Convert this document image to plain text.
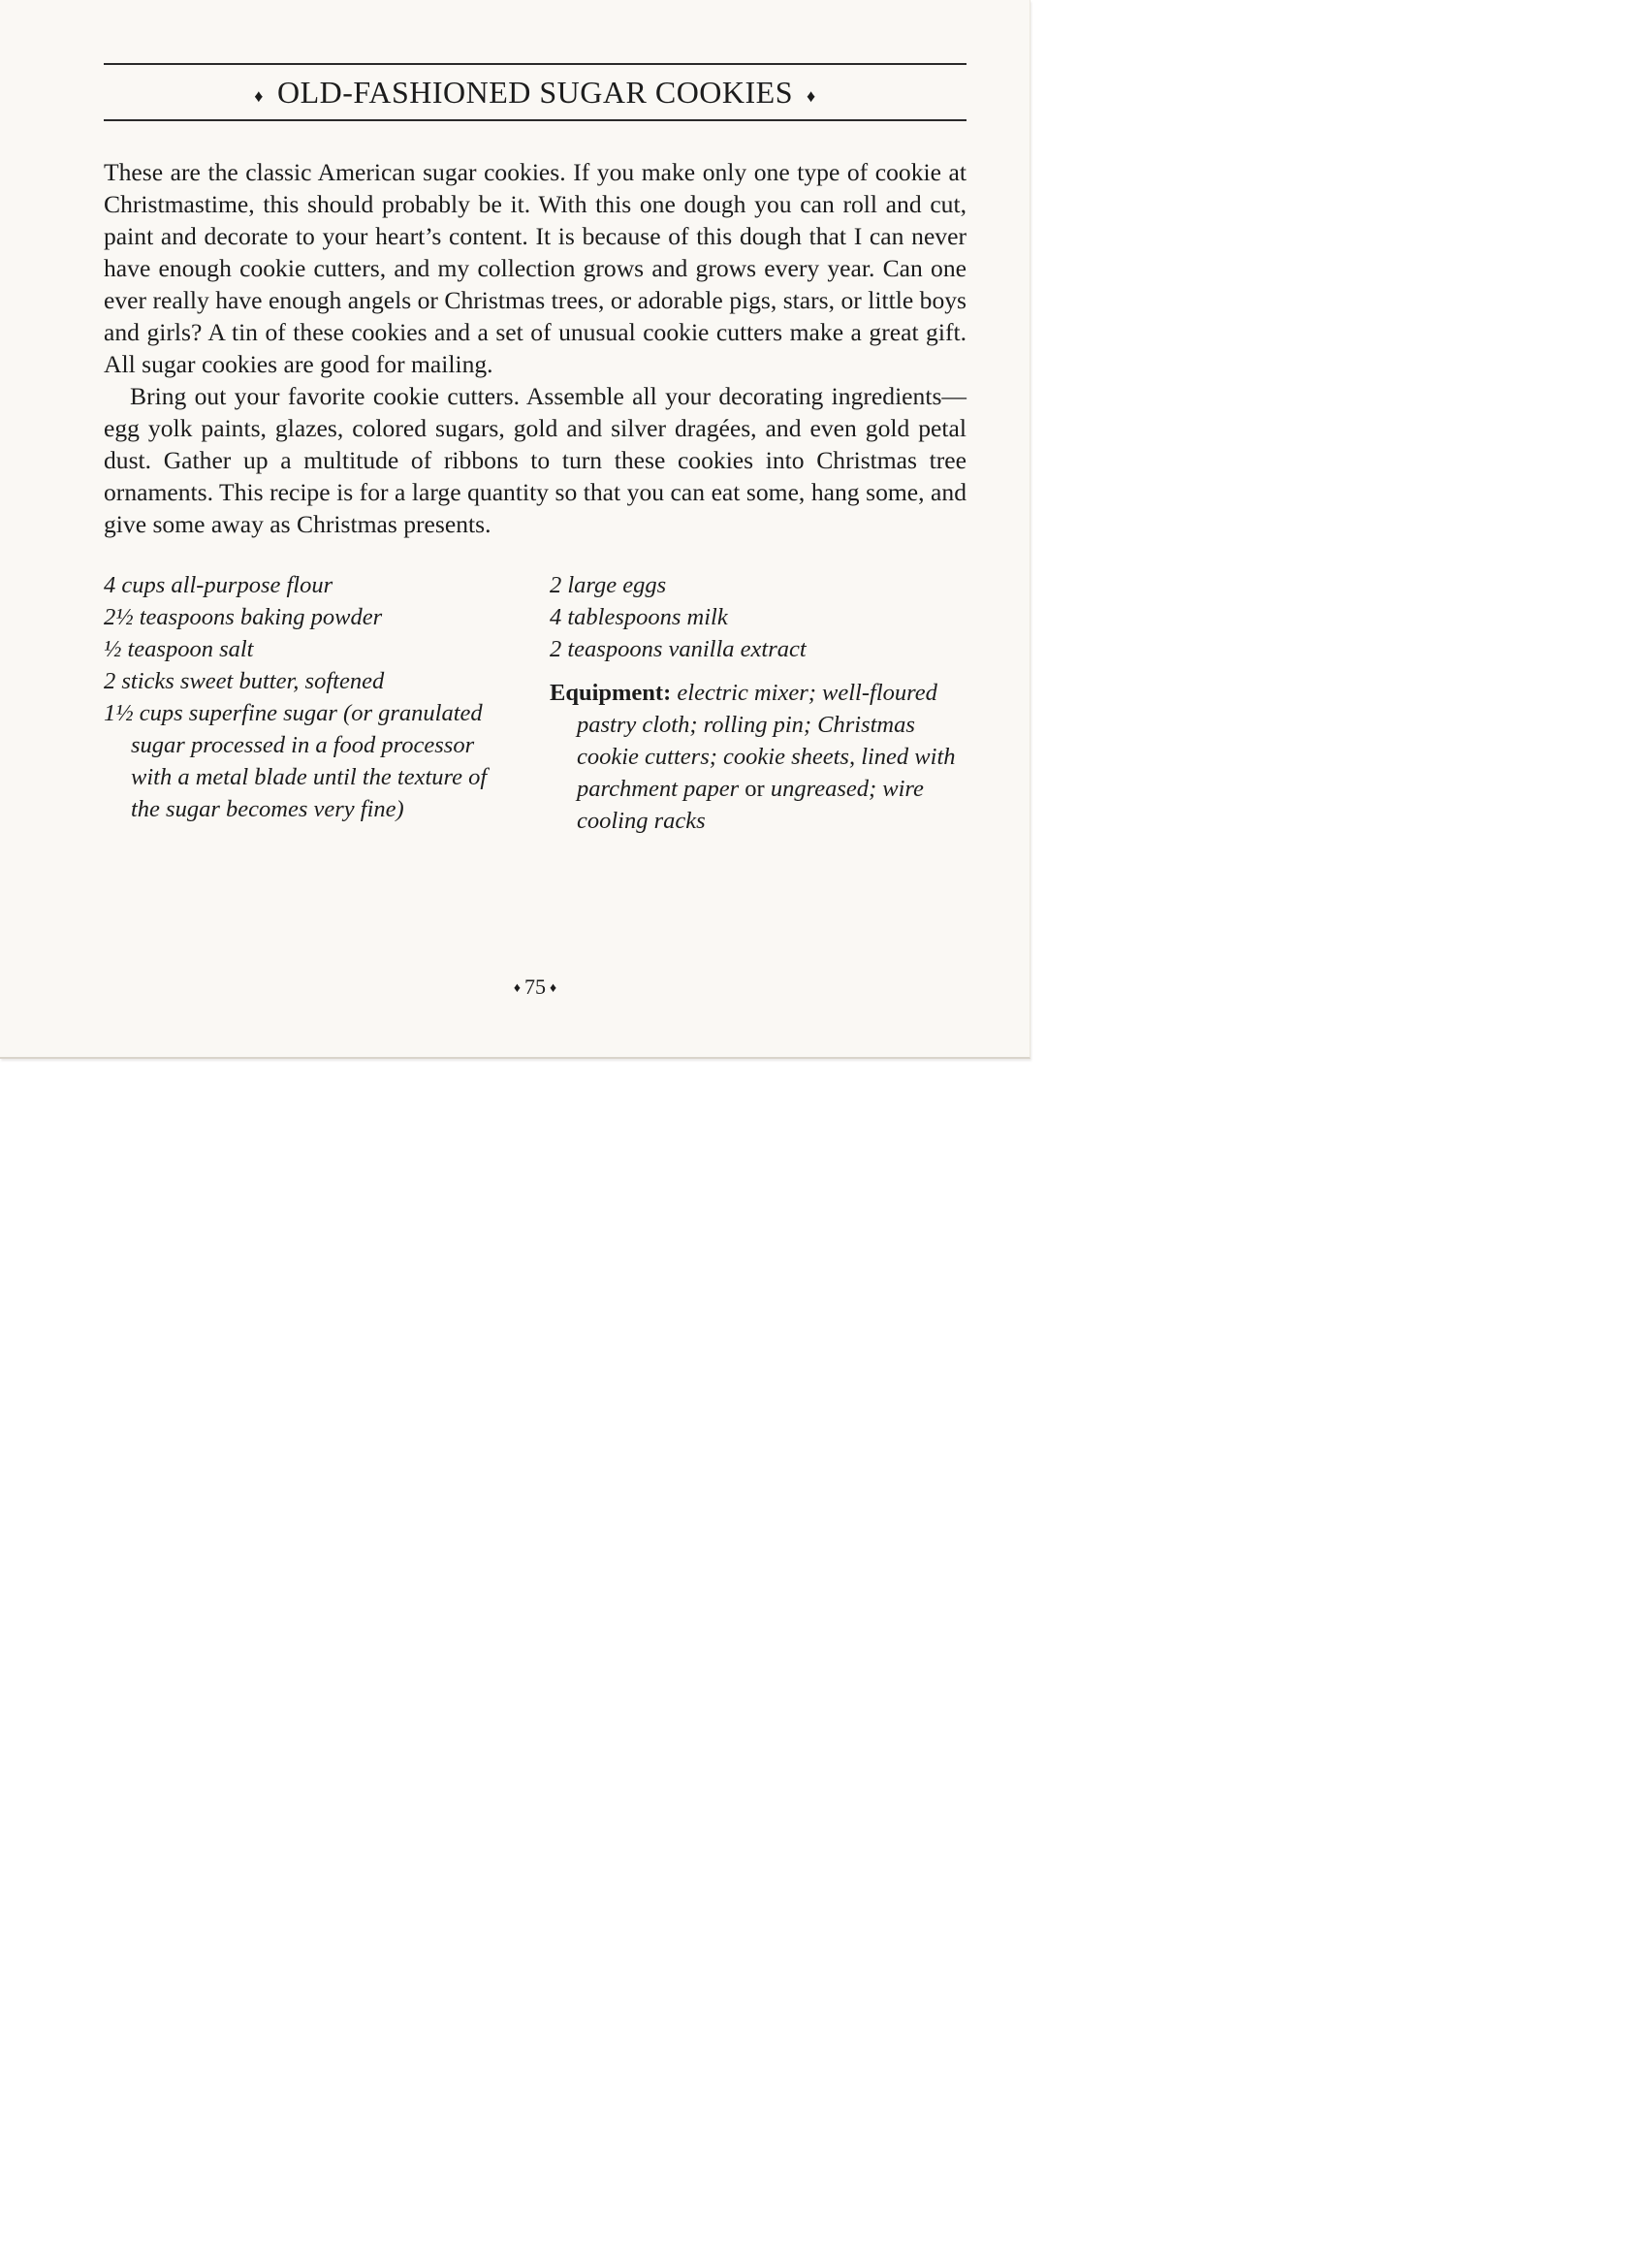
♦ OLD-FASHIONED SUGAR COOKIES ♦

These are the classic American sugar cookies. If you make only one type of cookie at Christmastime, this should probably be it. With this one dough you can roll and cut, paint and decorate to your heart’s content. It is because of this dough that I can never have enough cookie cutters, and my collection grows and grows every year. Can one ever really have enough angels or Christmas trees, or adorable pigs, stars, or little boys and girls? A tin of these cookies and a set of unusual cookie cutters make a great gift. All sugar cookies are good for mailing.

Bring out your favorite cookie cutters. Assemble all your decorating ingredients—egg yolk paints, glazes, colored sugars, gold and silver dragées, and even gold petal dust. Gather up a multitude of ribbons to turn these cookies into Christmas tree ornaments. This recipe is for a large quantity so that you can eat some, hang some, and give some away as Christmas presents.

4 cups all-purpose flour
2½ teaspoons baking powder
½ teaspoon salt
2 sticks sweet butter, softened
1½ cups superfine sugar (or granulated sugar processed in a food processor with a metal blade until the texture of the sugar becomes very fine)
2 large eggs
4 tablespoons milk
2 teaspoons vanilla extract
Equipment: electric mixer; well-floured pastry cloth; rolling pin; Christmas cookie cutters; cookie sheets, lined with parchment paper or ungreased; wire cooling racks
♦ 75 ♦
